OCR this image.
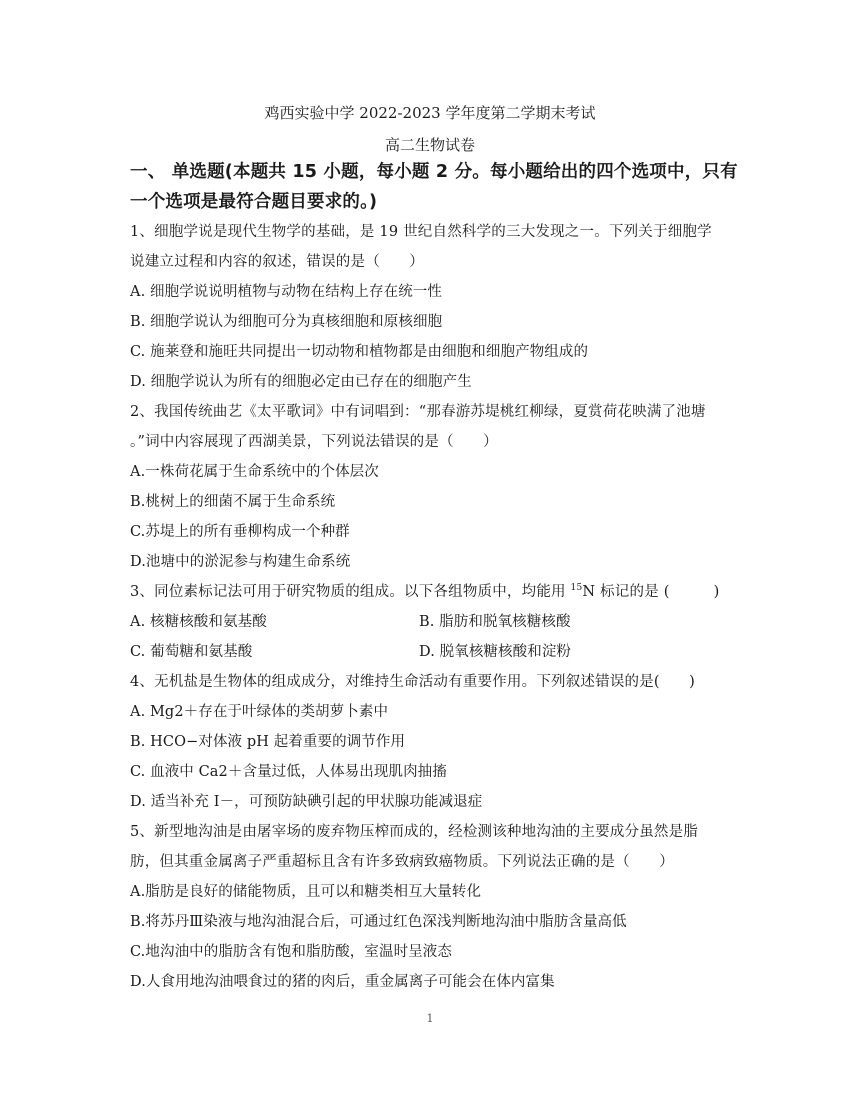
鸡西实验中学 2022-2023 学年度第二学期末考试
高二生物试卷
一、 单选题(本题共 15 小题，每小题 2 分。每小题给出的四个选项中，只有一个选项是最符合题目要求的。)
1、细胞学说是现代生物学的基础，是 19 世纪自然科学的三大发现之一。下列关于细胞学
说建立过程和内容的叙述，错误的是（　　）
A. 细胞学说说明植物与动物在结构上存在统一性
B. 细胞学说认为细胞可分为真核细胞和原核细胞
C. 施莱登和施旺共同提出一切动物和植物都是由细胞和细胞产物组成的
D. 细胞学说认为所有的细胞必定由已存在的细胞产生
2、我国传统曲艺《太平歌词》中有词唱到：“那春游苏堤桃红柳绿，夏赏荷花映满了池塘
。”词中内容展现了西湖美景，下列说法错误的是（　　）
A.一株荷花属于生命系统中的个体层次
B.桃树上的细菌不属于生命系统
C.苏堤上的所有垂柳构成一个种群
D.池塘中的淤泥参与构建生命系统
3、同位素标记法可用于研究物质的组成。以下各组物质中，均能用 $^{15}$N 标记的是 (　　　)
A. 核糖核酸和氨基酸	B. 脂肪和脱氧核糖核酸
C. 葡萄糖和氨基酸	D. 脱氧核糖核酸和淀粉
4、无机盐是生物体的组成成分，对维持生命活动有重要作用。下列叙述错误的是(　　)
A. Mg2＋存在于叶绿体的类胡萝卜素中
B. HCO−对体液 pH 起着重要的调节作用
C. 血液中 Ca2＋含量过低，人体易出现肌肉抽搐
D. 适当补充 I－，可预防缺碘引起的甲状腺功能减退症
5、新型地沟油是由屠宰场的废弃物压榨而成的，经检测该种地沟油的主要成分虽然是脂
肪，但其重金属离子严重超标且含有许多致病致癌物质。下列说法正确的是（　　）
A.脂肪是良好的储能物质，且可以和糖类相互大量转化
B.将苏丹Ⅲ染液与地沟油混合后，可通过红色深浅判断地沟油中脂肪含量高低
C.地沟油中的脂肪含有饱和脂肪酸，室温时呈液态
D.人食用地沟油喂食过的猪的肉后，重金属离子可能会在体内富集
1
